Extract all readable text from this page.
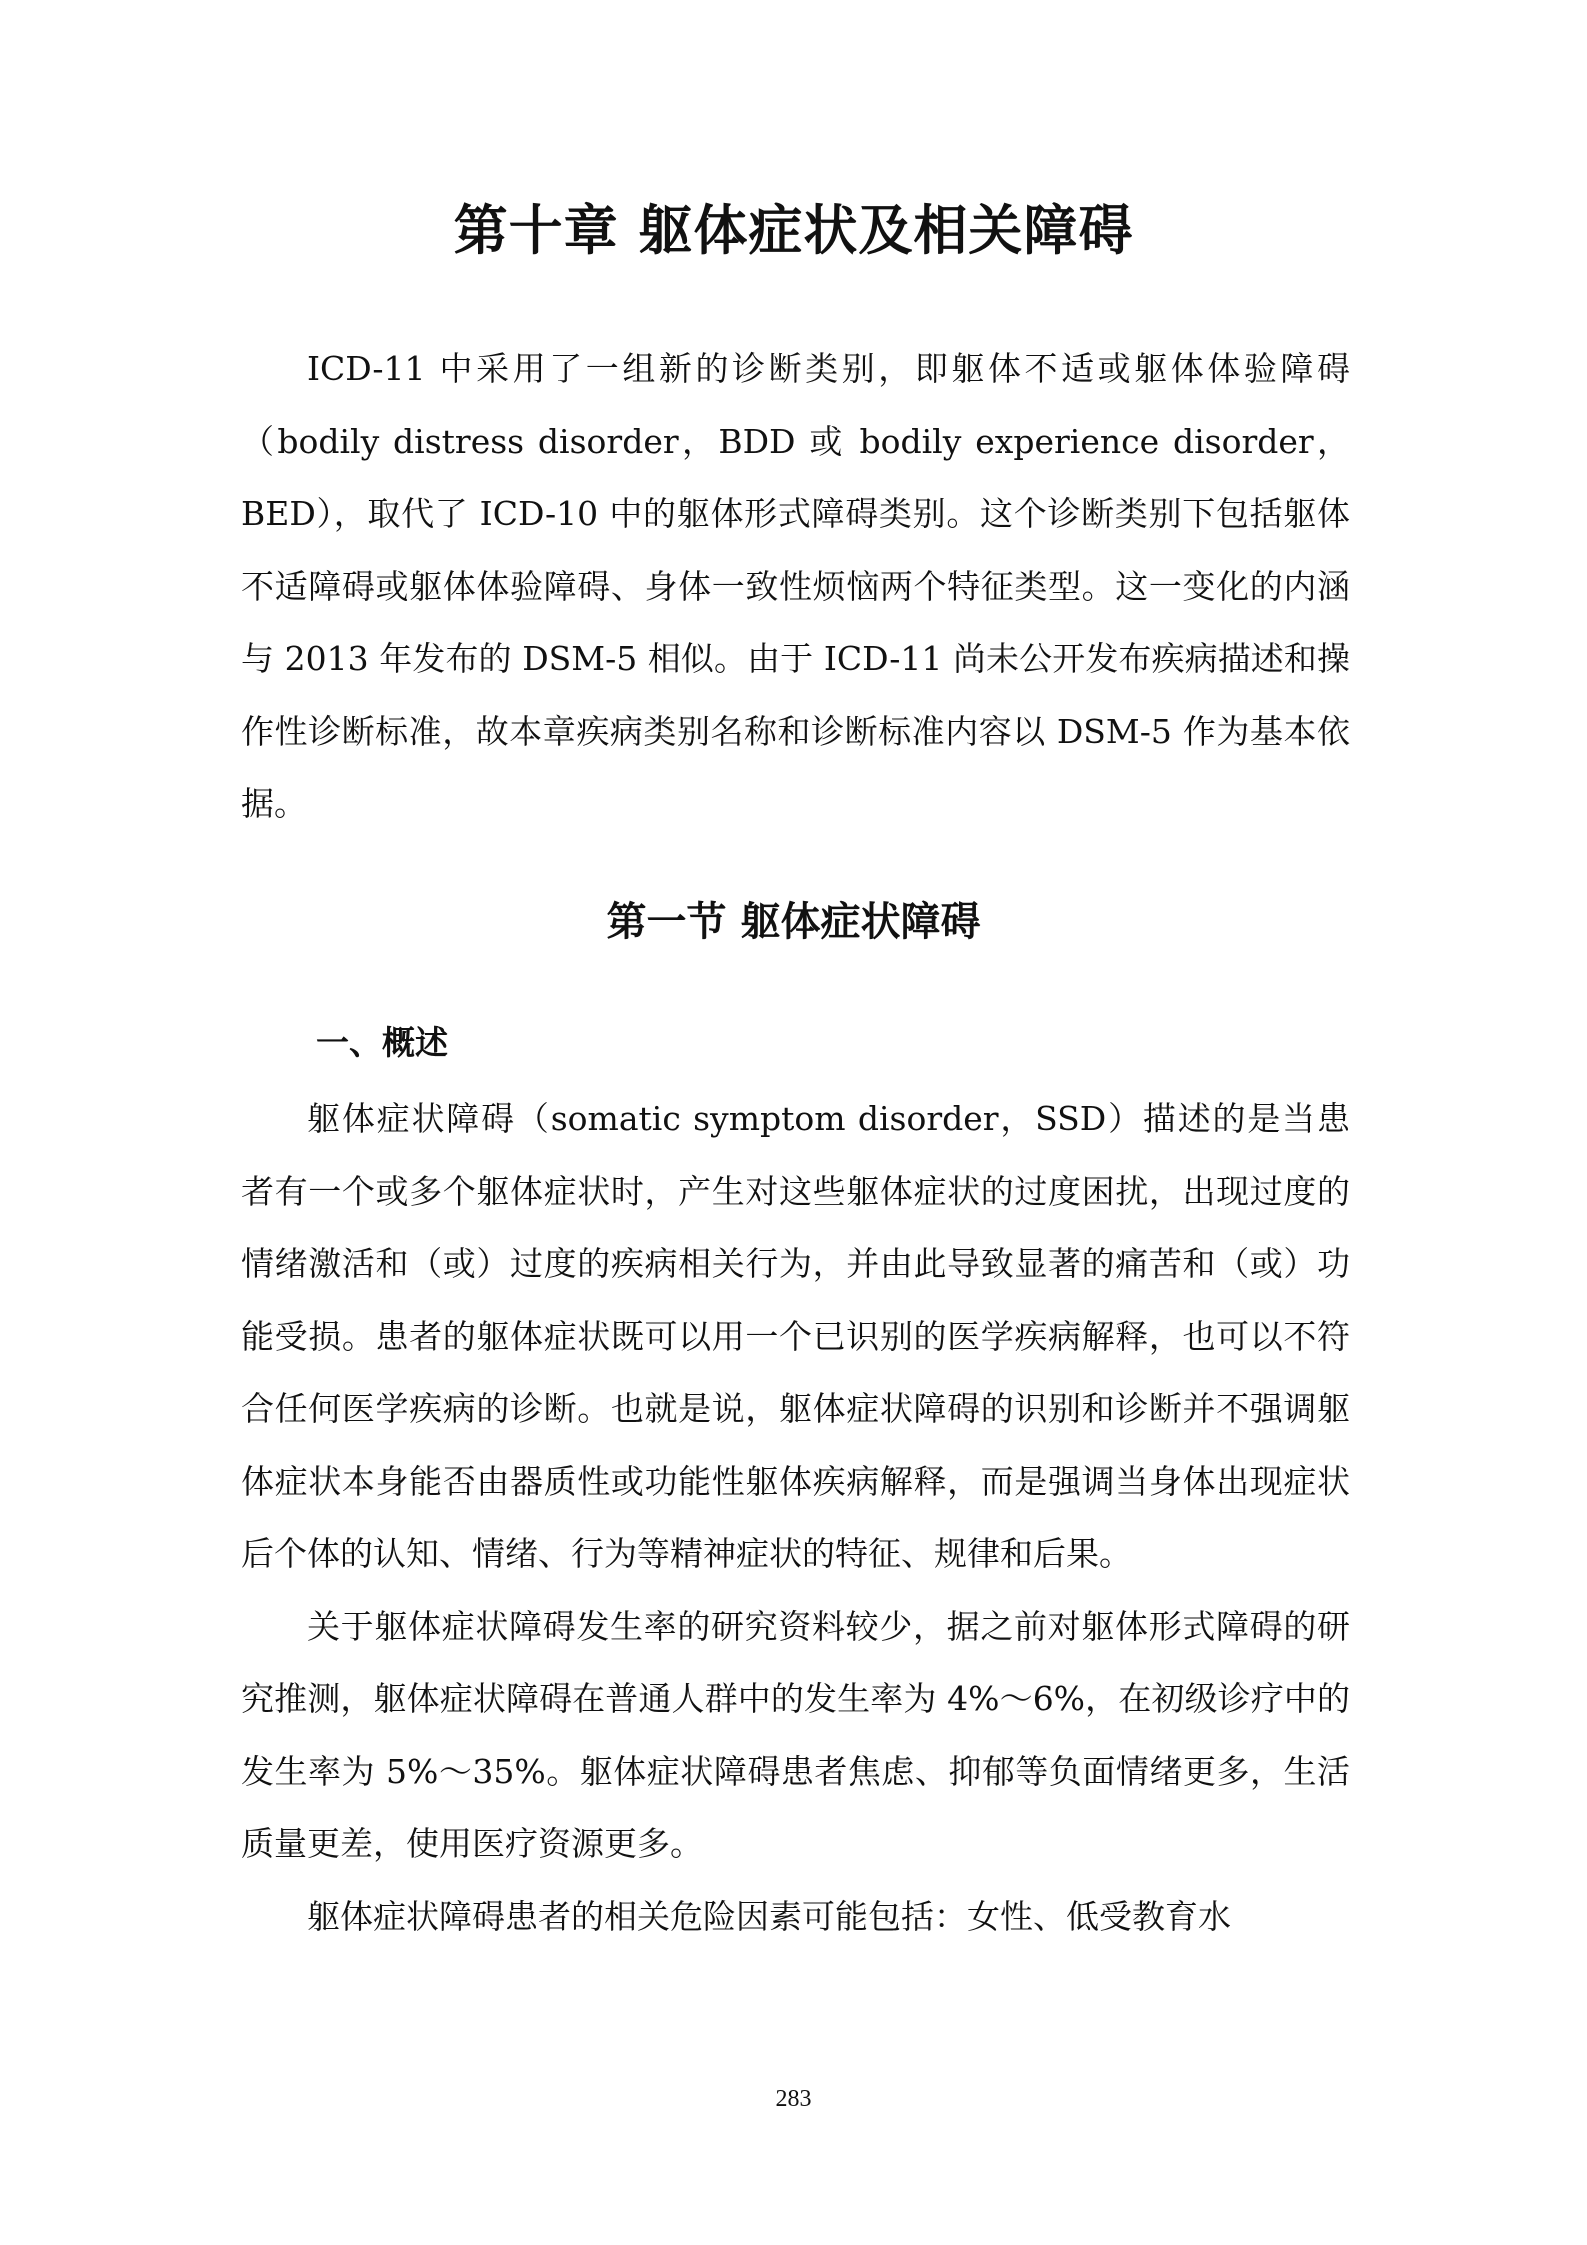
第十章 躯体症状及相关障碍

ICD-11 中采用了一组新的诊断类别，即躯体不适或躯体体验障碍（bodily distress disorder，BDD 或 bodily experience disorder，BED），取代了 ICD-10 中的躯体形式障碍类别。这个诊断类别下包括躯体不适障碍或躯体体验障碍、身体一致性烦恼两个特征类型。这一变化的内涵与 2013 年发布的 DSM-5 相似。由于 ICD-11 尚未公开发布疾病描述和操作性诊断标准，故本章疾病类别名称和诊断标准内容以 DSM-5 作为基本依据。

第一节 躯体症状障碍
一、概述

躯体症状障碍（somatic symptom disorder，SSD）描述的是当患者有一个或多个躯体症状时，产生对这些躯体症状的过度困扰，出现过度的情绪激活和（或）过度的疾病相关行为，并由此导致显著的痛苦和（或）功能受损。患者的躯体症状既可以用一个已识别的医学疾病解释，也可以不符合任何医学疾病的诊断。也就是说，躯体症状障碍的识别和诊断并不强调躯体症状本身能否由器质性或功能性躯体疾病解释，而是强调当身体出现症状后个体的认知、情绪、行为等精神症状的特征、规律和后果。

关于躯体症状障碍发生率的研究资料较少，据之前对躯体形式障碍的研究推测，躯体症状障碍在普通人群中的发生率为 4%～6%，在初级诊疗中的发生率为 5%～35%。躯体症状障碍患者焦虑、抑郁等负面情绪更多，生活质量更差，使用医疗资源更多。

躯体症状障碍患者的相关危险因素可能包括：女性、低受教育水

283
